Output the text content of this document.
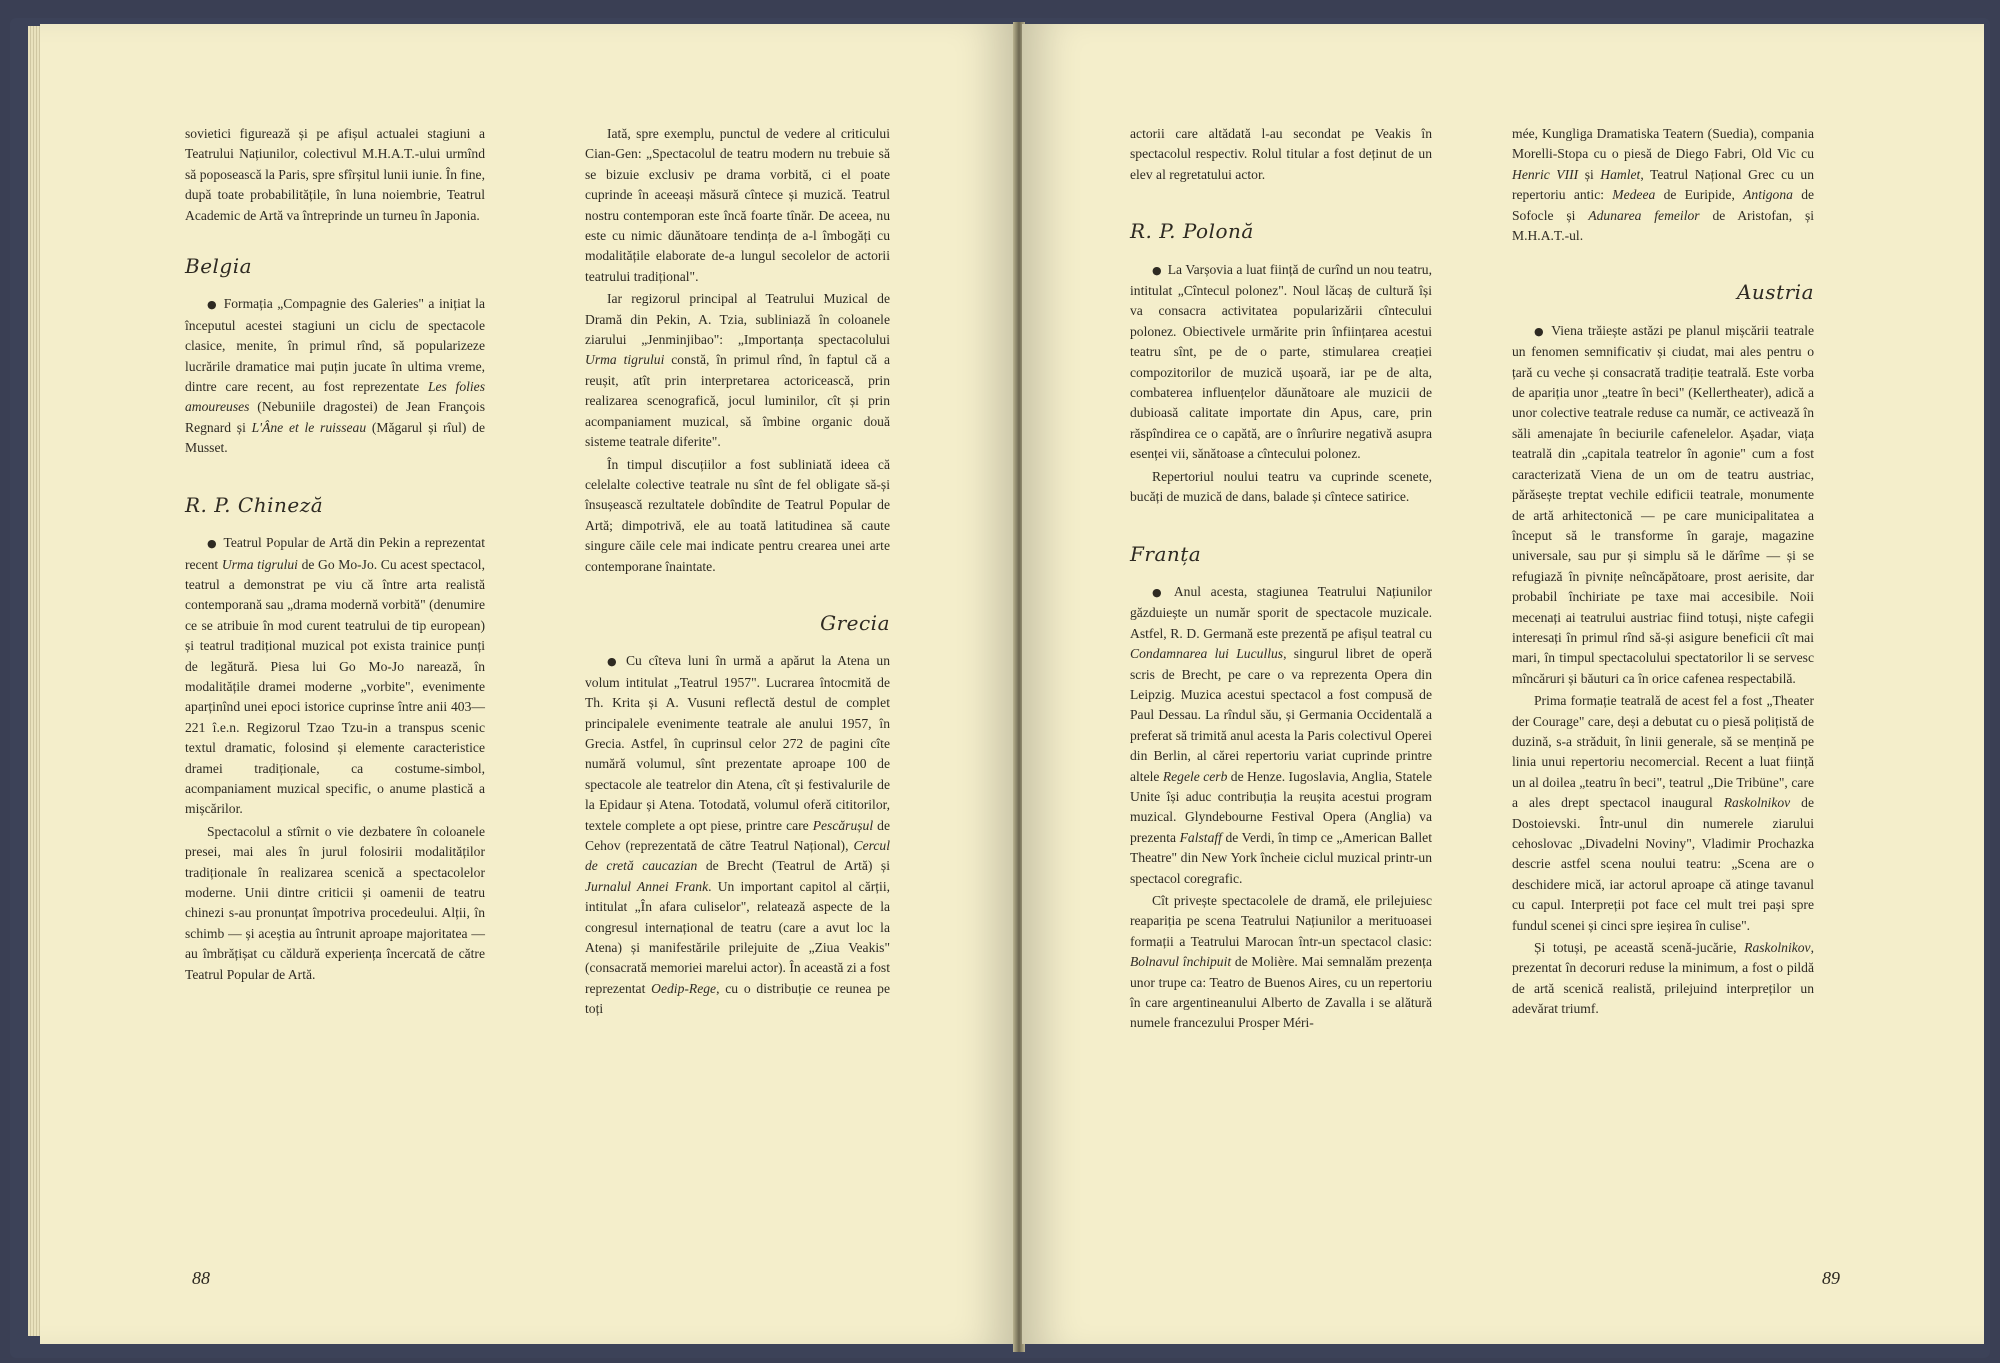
sovietici figurează și pe afișul actualei stagiuni a Teatrului Națiunilor, colectivul M.H.A.T.-ului urmînd să poposească la Paris, spre sfîrșitul lunii iunie. În fine, după toate probabilitățile, în luna noiembrie, Teatrul Academic de Artă va întreprinde un turneu în Japonia.

Belgia

● Formația „Compagnie des Galeries" a inițiat la începutul acestei stagiuni un ciclu de spectacole clasice, menite, în primul rînd, să popularizeze lucrările dramatice mai puțin jucate în ultima vreme, dintre care recent, au fost reprezentate Les folies amoureuses (Nebuniile dragostei) de Jean François Regnard și L'Âne et le ruisseau (Măgarul și rîul) de Musset.

R. P. Chineză

● Teatrul Popular de Artă din Pekin a reprezentat recent Urma tigrului de Go Mo-Jo. Cu acest spectacol, teatrul a demonstrat pe viu că între arta realistă contemporană sau „drama modernă vorbită" (denumire ce se atribuie în mod curent teatrului de tip european) și teatrul tradițional muzical pot exista trainice punți de legătură. Piesa lui Go Mo-Jo narează, în modalitățile dramei moderne „vorbite", evenimente aparținînd unei epoci istorice cuprinse între anii 403—221 î.e.n. Regizorul Tzao Tzu-in a transpus scenic textul dramatic, folosind și elemente caracteristice dramei tradiționale, ca costume-simbol, acompaniament muzical specific, o anume plastică a mișcărilor.

Spectacolul a stîrnit o vie dezbatere în coloanele presei, mai ales în jurul folosirii modalităților tradiționale în realizarea scenică a spectacolelor moderne. Unii dintre criticii și oamenii de teatru chinezi s-au pronunțat împotriva procedeului. Alții, în schimb — și aceștia au întrunit aproape majoritatea — au îmbrățișat cu căldură experiența încercată de către Teatrul Popular de Artă.

Iată, spre exemplu, punctul de vedere al criticului Cian-Gen: „Spectacolul de teatru modern nu trebuie să se bizuie exclusiv pe drama vorbită, ci el poate cuprinde în aceeași măsură cîntece și muzică. Teatrul nostru contemporan este încă foarte tînăr. De aceea, nu este cu nimic dăunătoare tendința de a-l îmbogăți cu modalitățile elaborate de-a lungul secolelor de actorii teatrului tradițional".

Iar regizorul principal al Teatrului Muzical de Dramă din Pekin, A. Tzia, subliniază în coloanele ziarului „Jenminjibao": „Importanța spectacolului Urma tigrului constă, în primul rînd, în faptul că a reușit, atît prin interpretarea actoricească, prin realizarea scenografică, jocul luminilor, cît și prin acompaniament muzical, să îmbine organic două sisteme teatrale diferite".

În timpul discuțiilor a fost subliniată ideea că celelalte colective teatrale nu sînt de fel obligate să-și însușească rezultatele dobîndite de Teatrul Popular de Artă; dimpotrivă, ele au toată latitudinea să caute singure căile cele mai indicate pentru crearea unei arte contemporane înaintate.

Grecia

● Cu cîteva luni în urmă a apărut la Atena un volum intitulat „Teatrul 1957". Lucrarea întocmită de Th. Krita și A. Vusuni reflectă destul de complet principalele evenimente teatrale ale anului 1957, în Grecia. Astfel, în cuprinsul celor 272 de pagini cîte numără volumul, sînt prezentate aproape 100 de spectacole ale teatrelor din Atena, cît și festivalurile de la Epidaur și Atena. Totodată, volumul oferă cititorilor, textele complete a opt piese, printre care Pescărușul de Cehov (reprezentată de către Teatrul Național), Cercul de cretă caucazian de Brecht (Teatrul de Artă) și Jurnalul Annei Frank. Un important capitol al cărții, intitulat „În afara culiselor", relatează aspecte de la congresul internațional de teatru (care a avut loc la Atena) și manifestările prilejuite de „Ziua Veakis" (consacrată memoriei marelui actor). În această zi a fost reprezentat Oedip-Rege, cu o distribuție ce reunea pe toți

88

actorii care altădată l-au secondat pe Veakis în spectacolul respectiv. Rolul titular a fost deținut de un elev al regretatului actor.

R. P. Polonă

● La Varșovia a luat ființă de curînd un nou teatru, intitulat „Cîntecul polonez". Noul lăcaș de cultură își va consacra activitatea popularizării cîntecului polonez. Obiectivele urmărite prin înființarea acestui teatru sînt, pe de o parte, stimularea creației compozitorilor de muzică ușoară, iar pe de alta, combaterea influențelor dăunătoare ale muzicii de dubioasă calitate importate din Apus, care, prin răspîndirea ce o capătă, are o înrîurire negativă asupra esenței vii, sănătoase a cîntecului polonez.

Repertoriul noului teatru va cuprinde scenete, bucăți de muzică de dans, balade și cîntece satirice.

Franța

● Anul acesta, stagiunea Teatrului Națiunilor găzduiește un număr sporit de spectacole muzicale. Astfel, R. D. Germană este prezentă pe afișul teatral cu Condamnarea lui Lucullus, singurul libret de operă scris de Brecht, pe care o va reprezenta Opera din Leipzig. Muzica acestui spectacol a fost compusă de Paul Dessau. La rîndul său, și Germania Occidentală a preferat să trimită anul acesta la Paris colectivul Operei din Berlin, al cărei repertoriu variat cuprinde printre altele Regele cerb de Henze. Iugoslavia, Anglia, Statele Unite își aduc contribuția la reușita acestui program muzical. Glyndebourne Festival Opera (Anglia) va prezenta Falstaff de Verdi, în timp ce „American Ballet Theatre" din New York încheie ciclul muzical printr-un spectacol coregrafic.

Cît privește spectacolele de dramă, ele prilejuiesc reapariția pe scena Teatrului Națiunilor a merituoasei formații a Teatrului Marocan într-un spectacol clasic: Bolnavul închipuit de Molière. Mai semnalăm prezența unor trupe ca: Teatro de Buenos Aires, cu un repertoriu în care argentineanului Alberto de Zavalla i se alătură numele francezului Prosper Méri-

mée, Kungliga Dramatiska Teatern (Suedia), compania Morelli-Stopa cu o piesă de Diego Fabri, Old Vic cu Henric VIII și Hamlet, Teatrul Național Grec cu un repertoriu antic: Medeea de Euripide, Antigona de Sofocle și Adunarea femeilor de Aristofan, și M.H.A.T.-ul.

Austria

● Viena trăiește astăzi pe planul mișcării teatrale un fenomen semnificativ și ciudat, mai ales pentru o țară cu veche și consacrată tradiție teatrală. Este vorba de apariția unor „teatre în beci" (Kellertheater), adică a unor colective teatrale reduse ca număr, ce activează în săli amenajate în beciurile cafenelelor. Așadar, viața teatrală din „capitala teatrelor în agonie" cum a fost caracterizată Viena de un om de teatru austriac, părăsește treptat vechile edificii teatrale, monumente de artă arhitectonică — pe care municipalitatea a început să le transforme în garaje, magazine universale, sau pur și simplu să le dărîme — și se refugiază în pivnițe neîncăpătoare, prost aerisite, dar probabil închiriate pe taxe mai accesibile. Noii mecenați ai teatrului austriac fiind totuși, niște cafegii interesați în primul rînd să-și asigure beneficii cît mai mari, în timpul spectacolului spectatorilor li se servesc mîncăruri și băuturi ca în orice cafenea respectabilă.

Prima formație teatrală de acest fel a fost „Theater der Courage" care, deși a debutat cu o piesă polițistă de duzină, s-a străduit, în linii generale, să se mențină pe linia unui repertoriu necomercial. Recent a luat ființă un al doilea „teatru în beci", teatrul „Die Tribüne", care a ales drept spectacol inaugural Raskolnikov de Dostoievski. Într-unul din numerele ziarului cehoslovac „Divadelni Noviny", Vladimir Prochazka descrie astfel scena noului teatru: „Scena are o deschidere mică, iar actorul aproape că atinge tavanul cu capul. Interpreții pot face cel mult trei pași spre fundul scenei și cinci spre ieșirea în culise".

Și totuși, pe această scenă-jucărie, Raskolnikov, prezentat în decoruri reduse la minimum, a fost o pildă de artă scenică realistă, prilejuind interpreților un adevărat triumf.

89
